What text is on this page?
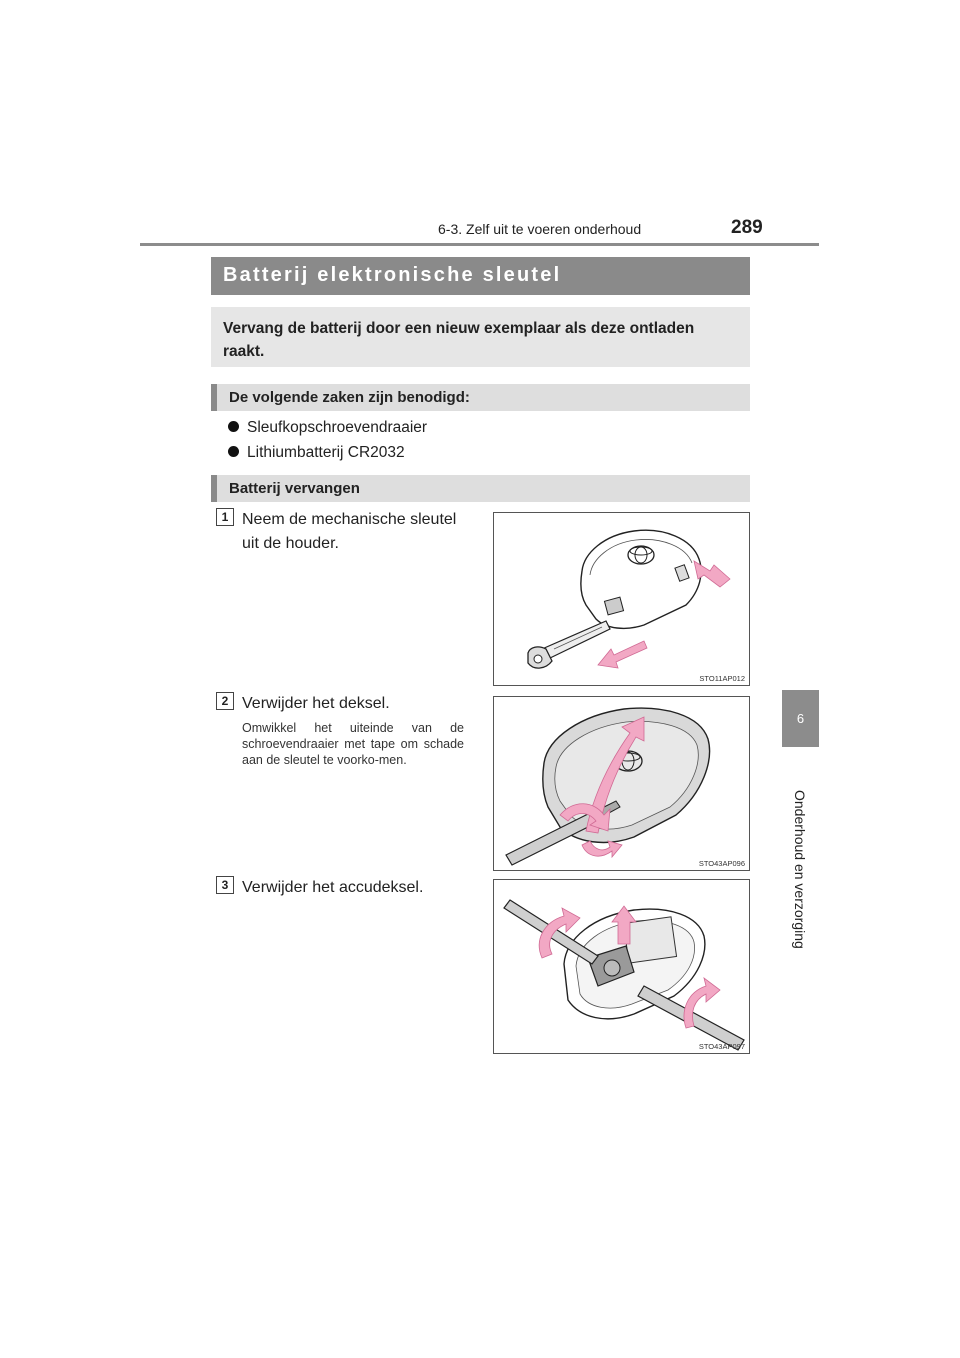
6-3. Zelf uit te voeren onderhoud	289
6
Onderhoud en verzorging
Batterij elektronische sleutel
Vervang de batterij door een nieuw exemplaar als deze ontladen raakt.
De volgende zaken zijn benodigd:
Sleufkopschroevendraaier
Lithiumbatterij CR2032
Batterij vervangen
1 Neem de mechanische sleutel uit de houder.
STO11AP012
2 Verwijder het deksel.
Omwikkel het uiteinde van de schroevendraaier met tape om schade aan de sleutel te voorko-men.
STO43AP096
3 Verwijder het accudeksel.
STO43AP097
